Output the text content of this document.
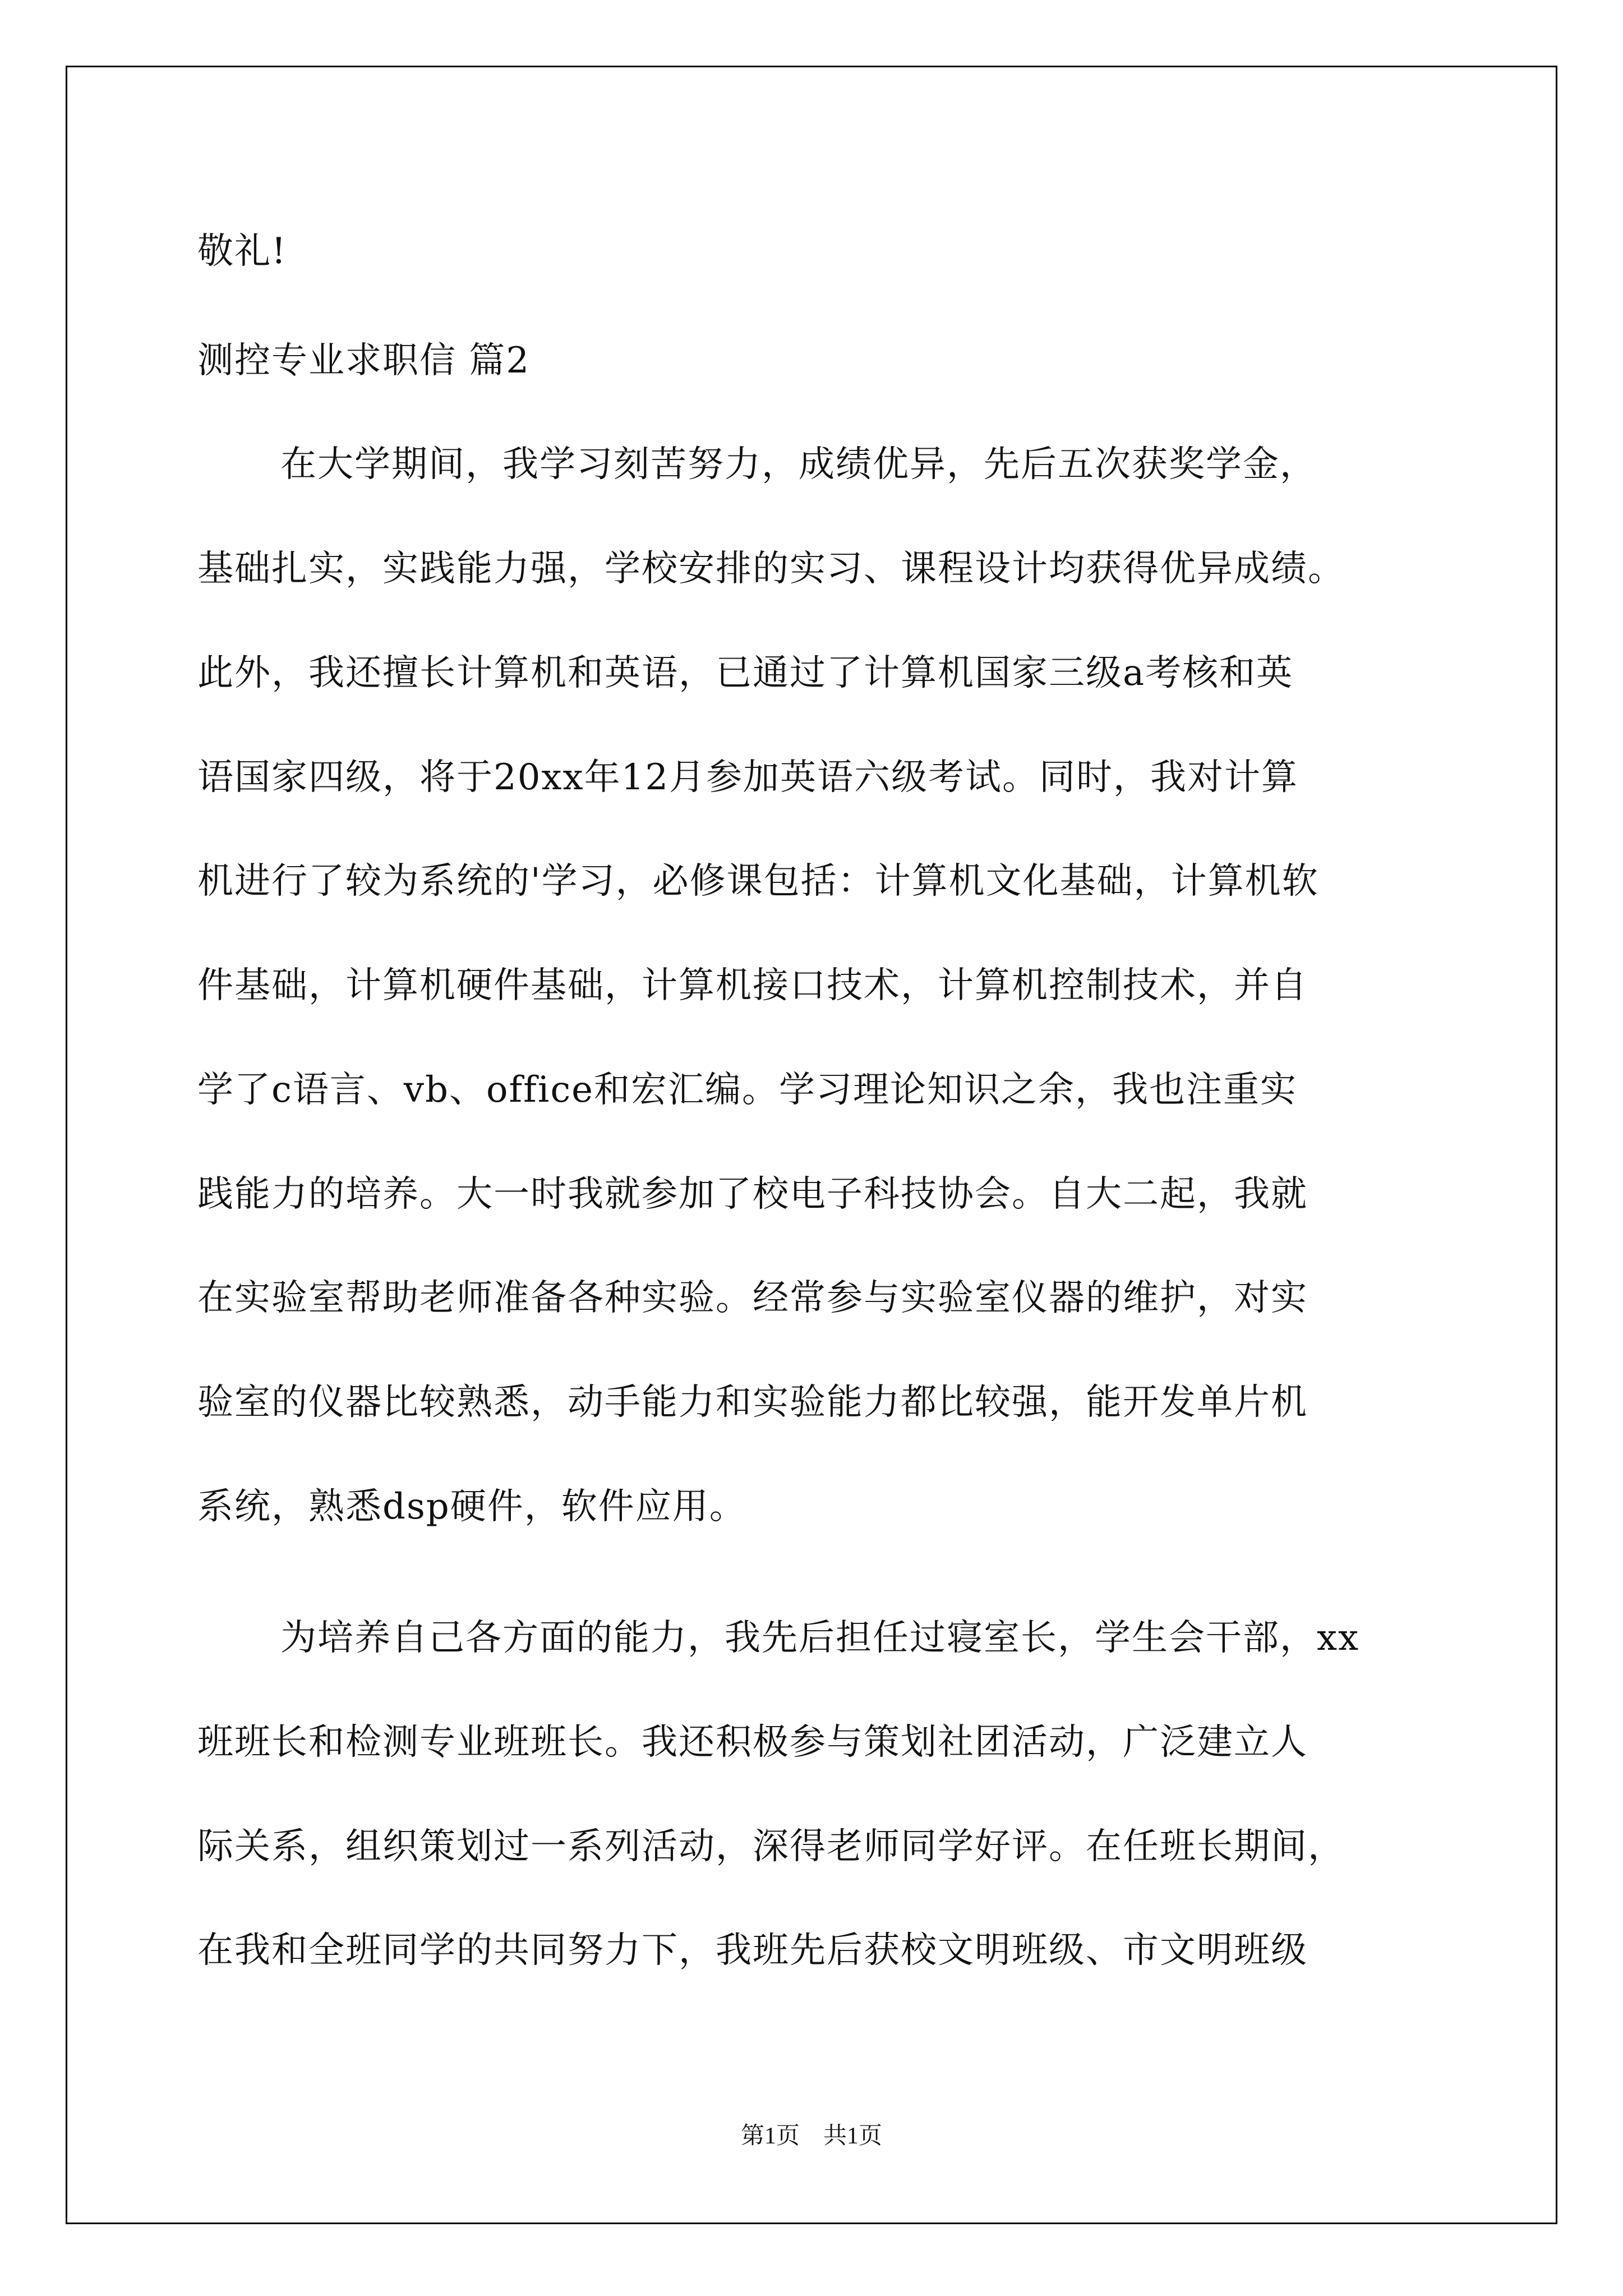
敬礼!
测控专业求职信 篇2
在大学期间，我学习刻苦努力，成绩优异，先后五次获奖学金，
基础扎实，实践能力强，学校安排的实习、课程设计均获得优异成绩。
此外，我还擅长计算机和英语，已通过了计算机国家三级a考核和英
语国家四级，将于20xx年12月参加英语六级考试。同时，我对计算
机进行了较为系统的'学习，必修课包括：计算机文化基础，计算机软
件基础，计算机硬件基础，计算机接口技术，计算机控制技术，并自
学了c语言、vb、office和宏汇编。学习理论知识之余，我也注重实
践能力的培养。大一时我就参加了校电子科技协会。自大二起，我就
在实验室帮助老师准备各种实验。经常参与实验室仪器的维护，对实
验室的仪器比较熟悉，动手能力和实验能力都比较强，能开发单片机
系统，熟悉dsp硬件，软件应用。
为培养自己各方面的能力，我先后担任过寝室长，学生会干部，xx
班班长和检测专业班班长。我还积极参与策划社团活动，广泛建立人
际关系，组织策划过一系列活动，深得老师同学好评。在任班长期间，
在我和全班同学的共同努力下，我班先后获校文明班级、市文明班级
第1页　共1页
